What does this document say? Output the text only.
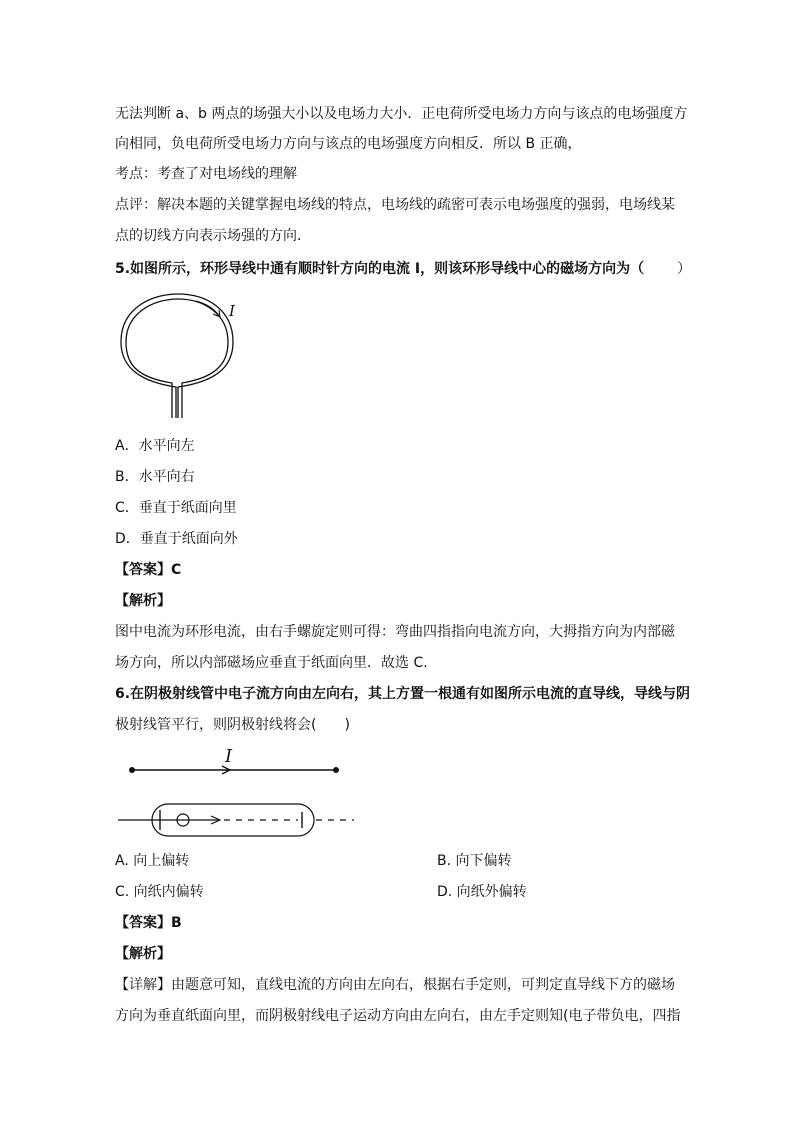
无法判断 a、b 两点的场强大小以及电场力大小．正电荷所受电场力方向与该点的电场强度方
向相同，负电荷所受电场力方向与该点的电场强度方向相反．所以 B 正确，
考点：考查了对电场线的理解
点评：解决本题的关键掌握电场线的特点，电场线的疏密可表示电场强度的强弱，电场线某
点的切线方向表示场强的方向．
5.如图所示，环形导线中通有顺时针方向的电流 I，则该环形导线中心的磁场方向为（ ）
I
A．水平向左
B．水平向右
C．垂直于纸面向里
D．垂直于纸面向外
【答案】C
【解析】
图中电流为环形电流，由右手螺旋定则可得：弯曲四指指向电流方向，大拇指方向为内部磁
场方向，所以内部磁场应垂直于纸面向里．故选 C.
6.在阴极射线管中电子流方向由左向右，其上方置一根通有如图所示电流的直导线，导线与阴
极射线管平行，则阴极射线将会(　　)
I
A. 向上偏转	B. 向下偏转
C. 向纸内偏转	D. 向纸外偏转
【答案】B
【解析】
【详解】由题意可知，直线电流的方向由左向右，根据右手定则，可判定直导线下方的磁场
方向为垂直纸面向里，而阴极射线电子运动方向由左向右，由左手定则知(电子带负电，四指
